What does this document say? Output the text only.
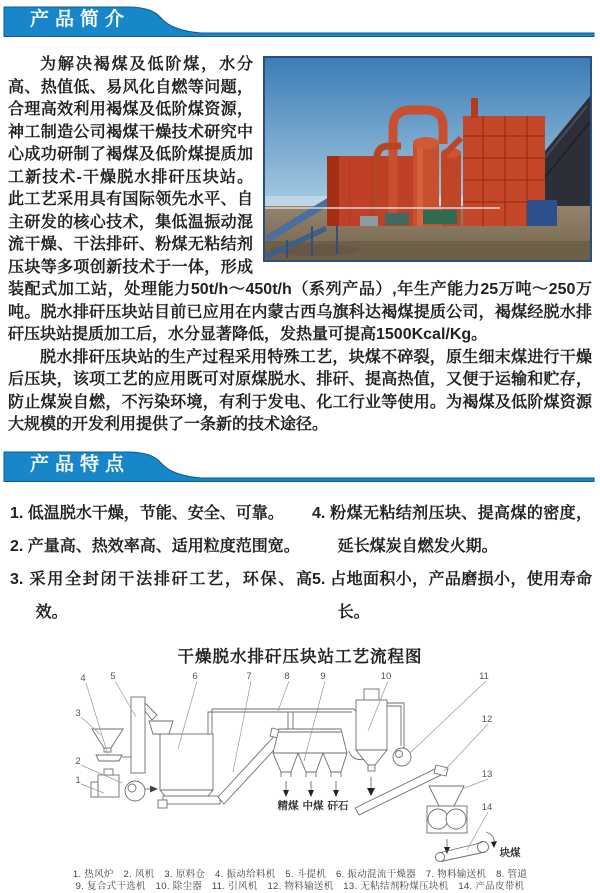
产品简介

为解决褐煤及低阶煤，水分高、热值低、易风化自燃等问题，合理高效利用褐煤及低阶煤资源，神工制造公司褐煤干燥技术研究中心成功研制了褐煤及低阶煤提质加工新技术-干燥脱水排矸压块站。此工艺采用具有国际领先水平、自主研发的核心技术，集低温振动混流干燥、干法排矸、粉煤无粘结剂压块等多项创新技术于一体，形成装配式加工站，处理能力50t/h～450t/h（系列产品）,年生产能力25万吨～250万吨。脱水排矸压块站目前已应用在内蒙古西乌旗科达褐煤提质公司，褐煤经脱水排矸压块站提质加工后，水分显著降低，发热量可提高1500Kcal/Kg。

脱水排矸压块站的生产过程采用特殊工艺，块煤不碎裂，原生细末煤进行干燥后压块，该项工艺的应用既可对原煤脱水、排矸、提高热值，又便于运输和贮存，防止煤炭自燃，不污染环境，有利于发电、化工行业等使用。为褐煤及低阶煤资源大规模的开发利用提供了一条新的技术途径。

产品特点
1. 低温脱水干燥，节能、安全、可靠。
2. 产量高、热效率高、适用粒度范围宽。
3. 采用全封闭干法排矸工艺，环保、高效。
4. 粉煤无粘结剂压块、提高煤的密度，延长煤炭自燃发火期。
5. 占地面积小，产品磨损小，使用寿命长。
干燥脱水排矸压块站工艺流程图
4	5	6	7	8	9	10	11
3
2
1
12
13
14
精煤 中煤 矸石
块煤
1. 热风炉　2. 风机　3. 原料仓　4. 振动给料机　5. 斗提机　6. 振动混流干燥器　7. 物料输送机　8. 管道
9. 复合式干选机　10. 除尘器　11. 引风机　12. 物料输送机　13. 无粘结剂粉煤压块机　14. 产品皮带机
